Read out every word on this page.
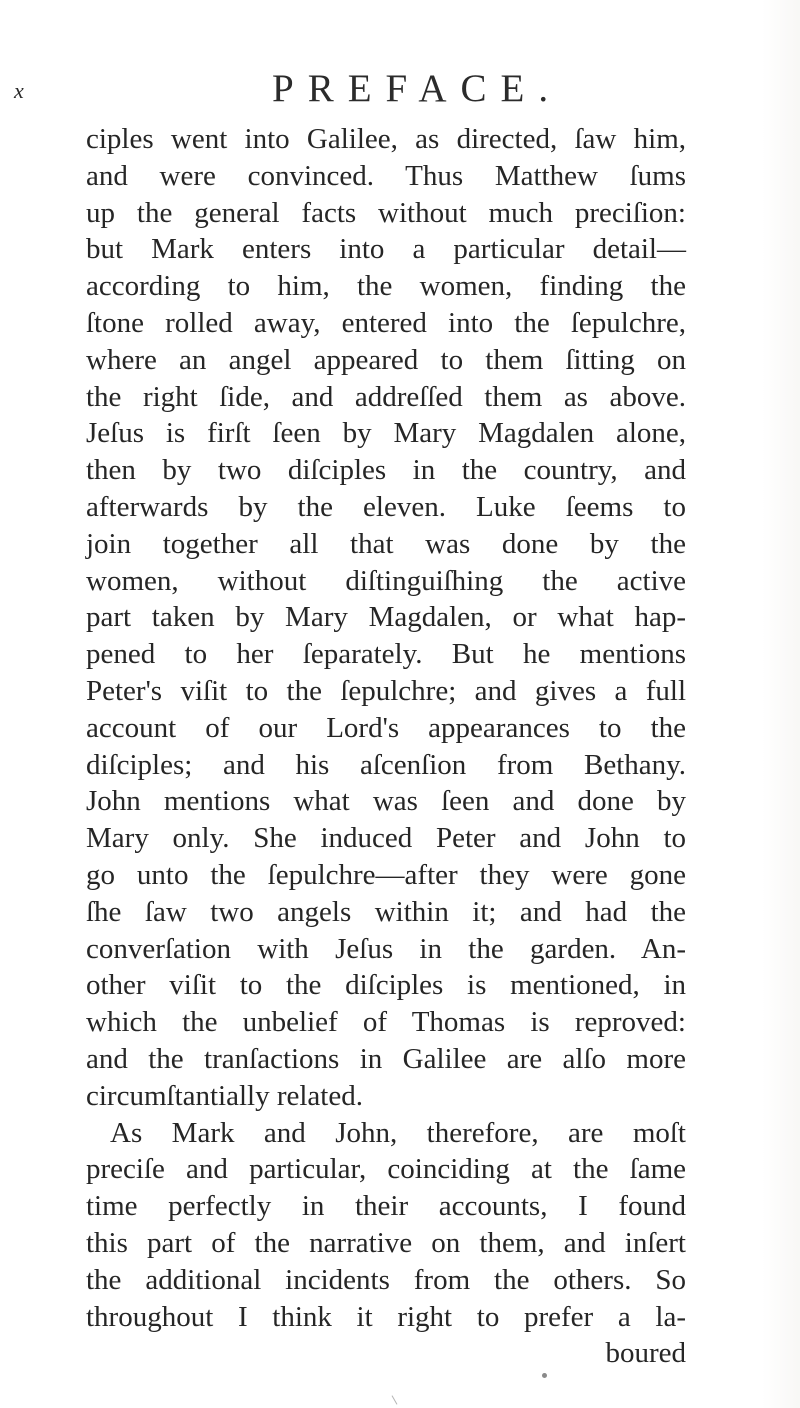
x	PREFACE.
ciples went into Galilee, as directed, ſaw him,
and were convinced. Thus Matthew ſums
up the general facts without much preciſion:
but Mark enters into a particular detail—
according to him, the women, finding the
ſtone rolled away, entered into the ſepulchre,
where an angel appeared to them ſitting on
the right ſide, and addreſſed them as above.
Jeſus is firſt ſeen by Mary Magdalen alone,
then by two diſciples in the country, and
afterwards by the eleven. Luke ſeems to
join together all that was done by the
women, without diſtinguiſhing the active
part taken by Mary Magdalen, or what hap-
pened to her ſeparately. But he mentions
Peter's viſit to the ſepulchre; and gives a full
account of our Lord's appearances to the
diſciples; and his aſcenſion from Bethany.
John mentions what was ſeen and done by
Mary only. She induced Peter and John to
go unto the ſepulchre—after they were gone
ſhe ſaw two angels within it; and had the
converſation with Jeſus in the garden. An-
other viſit to the diſciples is mentioned, in
which the unbelief of Thomas is reproved:
and the tranſactions in Galilee are alſo more
circumſtantially related.
As Mark and John, therefore, are moſt
preciſe and particular, coinciding at the ſame
time perfectly in their accounts, I found
this part of the narrative on them, and inſert
the additional incidents from the others. So
throughout I think it right to prefer a la-
boured
